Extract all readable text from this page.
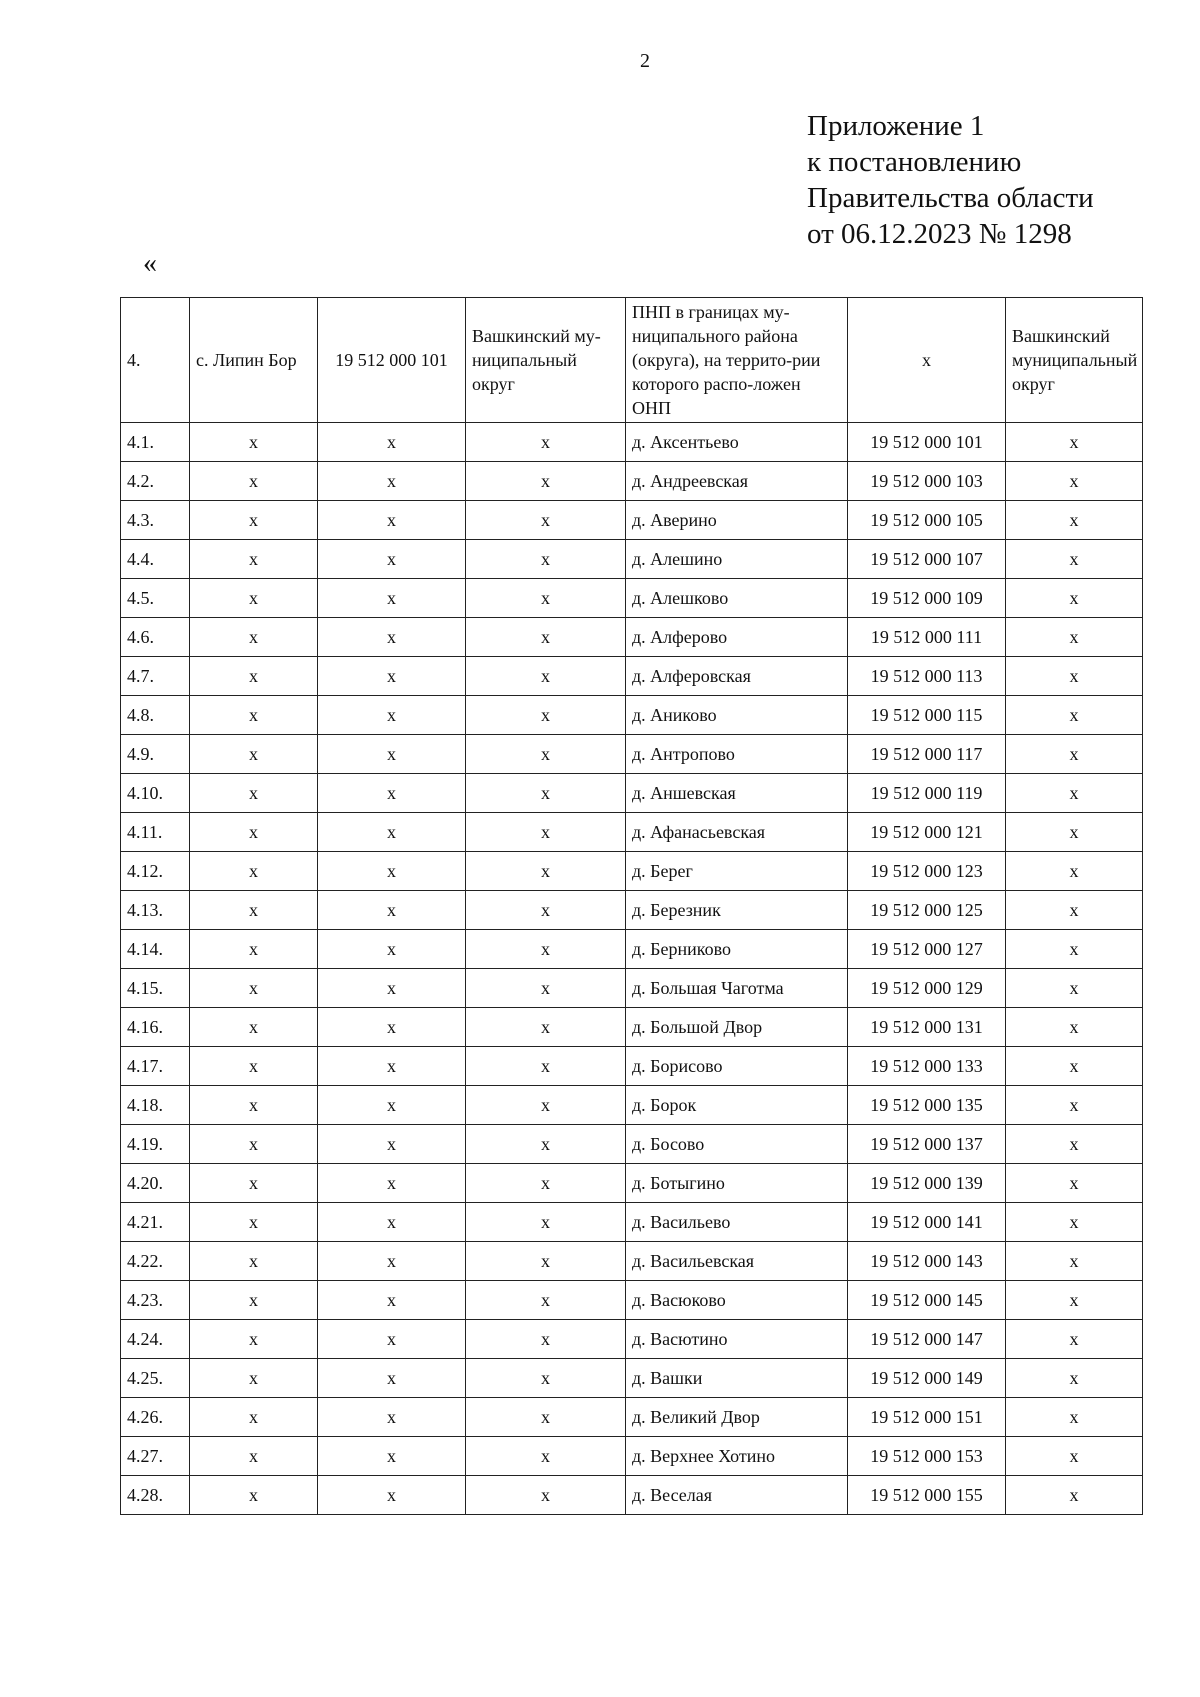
2
Приложение 1
к постановлению
Правительства области
от 06.12.2023 № 1298
«
4.	с. Липин Бор	19 512 000 101	Вашкинский му-ниципальный округ	ПНП в границах му-ниципального района (округа), на террито-рии которого распо-ложен ОНП	x	Вашкинский муниципальный округ
4.1.	x	x	x	д. Аксентьево	19 512 000 101	x
4.2.	x	x	x	д. Андреевская	19 512 000 103	x
4.3.	x	x	x	д. Аверино	19 512 000 105	x
4.4.	x	x	x	д. Алешино	19 512 000 107	x
4.5.	x	x	x	д. Алешково	19 512 000 109	x
4.6.	x	x	x	д. Алферово	19 512 000 111	x
4.7.	x	x	x	д. Алферовская	19 512 000 113	x
4.8.	x	x	x	д. Аниково	19 512 000 115	x
4.9.	x	x	x	д. Антропово	19 512 000 117	x
4.10.	x	x	x	д. Аншевская	19 512 000 119	x
4.11.	x	x	x	д. Афанасьевская	19 512 000 121	x
4.12.	x	x	x	д. Берег	19 512 000 123	x
4.13.	x	x	x	д. Березник	19 512 000 125	x
4.14.	x	x	x	д. Берниково	19 512 000 127	x
4.15.	x	x	x	д. Большая Чаготма	19 512 000 129	x
4.16.	x	x	x	д. Большой Двор	19 512 000 131	x
4.17.	x	x	x	д. Борисово	19 512 000 133	x
4.18.	x	x	x	д. Борок	19 512 000 135	x
4.19.	x	x	x	д. Босово	19 512 000 137	x
4.20.	x	x	x	д. Ботыгино	19 512 000 139	x
4.21.	x	x	x	д. Васильево	19 512 000 141	x
4.22.	x	x	x	д. Васильевская	19 512 000 143	x
4.23.	x	x	x	д. Васюково	19 512 000 145	x
4.24.	x	x	x	д. Васютино	19 512 000 147	x
4.25.	x	x	x	д. Вашки	19 512 000 149	x
4.26.	x	x	x	д. Великий Двор	19 512 000 151	x
4.27.	x	x	x	д. Верхнее Хотино	19 512 000 153	x
4.28.	x	x	x	д. Веселая	19 512 000 155	x
